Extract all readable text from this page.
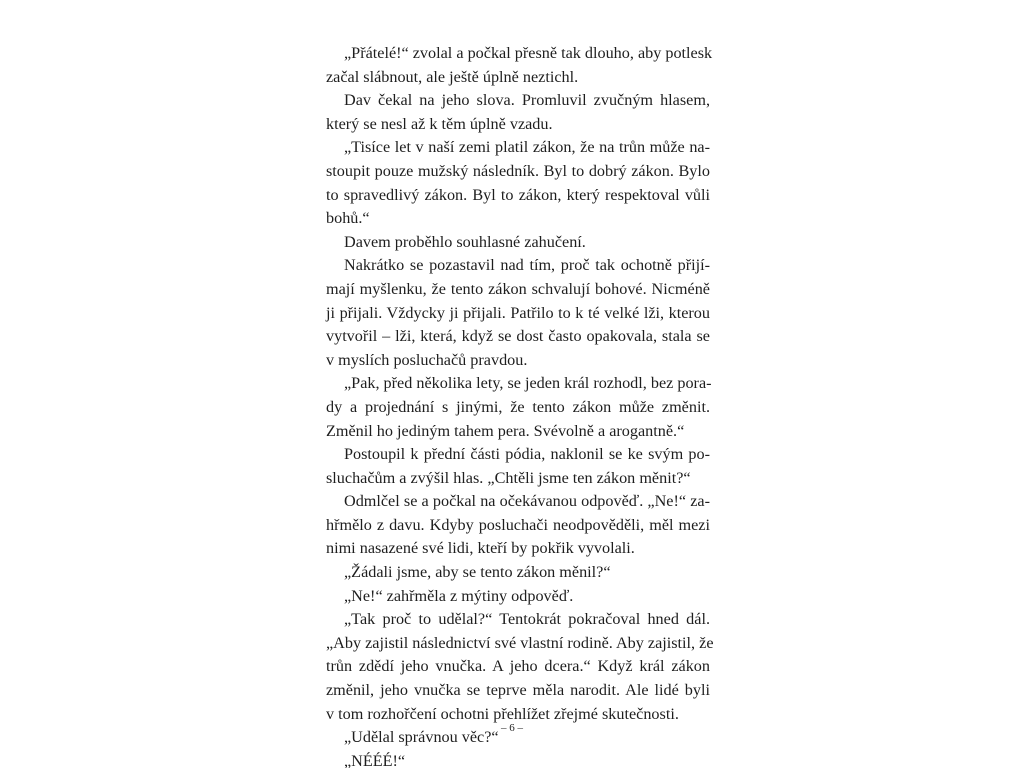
„Přátelé!“ zvolal a počkal přesně tak dlouho, aby potlesk
začal slábnout, ale ještě úplně neztichl.
Dav čekal na jeho slova. Promluvil zvučným hlasem,
který se nesl až k těm úplně vzadu.
„Tisíce let v naší zemi platil zákon, že na trůn může na-
stoupit pouze mužský následník. Byl to dobrý zákon. Bylo
to spravedlivý zákon. Byl to zákon, který respektoval vůli
bohů.“
Davem proběhlo souhlasné zahučení.
Nakrátko se pozastavil nad tím, proč tak ochotně přijí-
mají myšlenku, že tento zákon schvalují bohové. Nicméně
ji přijali. Vždycky ji přijali. Patřilo to k té velké lži, kterou
vytvořil – lži, která, když se dost často opakovala, stala se
v myslích posluchačů pravdou.
„Pak, před několika lety, se jeden král rozhodl, bez pora-
dy a projednání s jinými, že tento zákon může změnit.
Změnil ho jediným tahem pera. Svévolně a arogantně.“
Postoupil k přední části pódia, naklonil se ke svým po-
sluchačům a zvýšil hlas. „Chtěli jsme ten zákon měnit?“
Odmlčel se a počkal na očekávanou odpověď. „Ne!“ za-
hřmělo z davu. Kdyby posluchači neodpověděli, měl mezi
nimi nasazené své lidi, kteří by pokřik vyvolali.
„Žádali jsme, aby se tento zákon měnil?“
„Ne!“ zahřměla z mýtiny odpověď.
„Tak proč to udělal?“ Tentokrát pokračoval hned dál.
„Aby zajistil následnictví své vlastní rodině. Aby zajistil, že
trůn zdědí jeho vnučka. A jeho dcera.“ Když král zákon
změnil, jeho vnučka se teprve měla narodit. Ale lidé byli
v tom rozhořčení ochotni přehlížet zřejmé skutečnosti.
„Udělal správnou věc?“
„NÉÉÉ!“
– 6 –
